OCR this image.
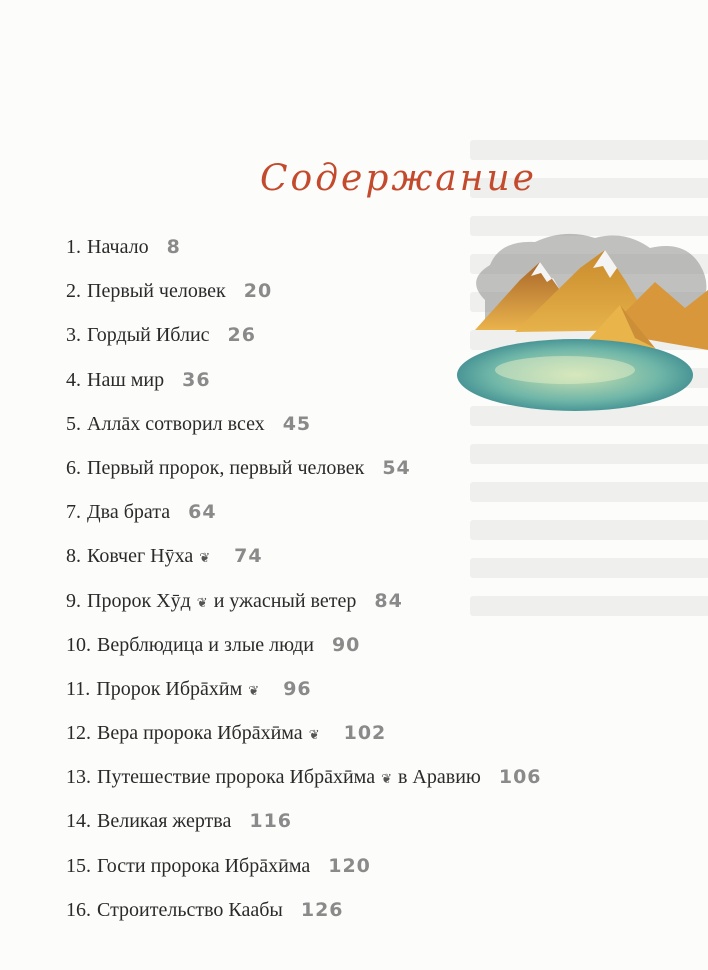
Содержание
1. Начало 8
2. Первый человек 20
3. Гордый Иблис 26
4. Наш мир 36
5. Аллāх сотворил всех 45
6. Первый пророк, первый человек 54
7. Два брата 64
8. Ковчег Нӯха ❦	74
9. Пророк Хӯд ❦ и ужасный ветер 84
10. Верблюдица и злые люди 90
11. Пророк Ибрāхӣм ❦	96
12. Вера пророка Ибрāхӣма ❦	102
13. Путешествие пророка Ибрāхӣма ❦ в Аравию 106
14. Великая жертва 116
15. Гости пророка Ибрāхӣма 120
16. Строительство Каабы 126
